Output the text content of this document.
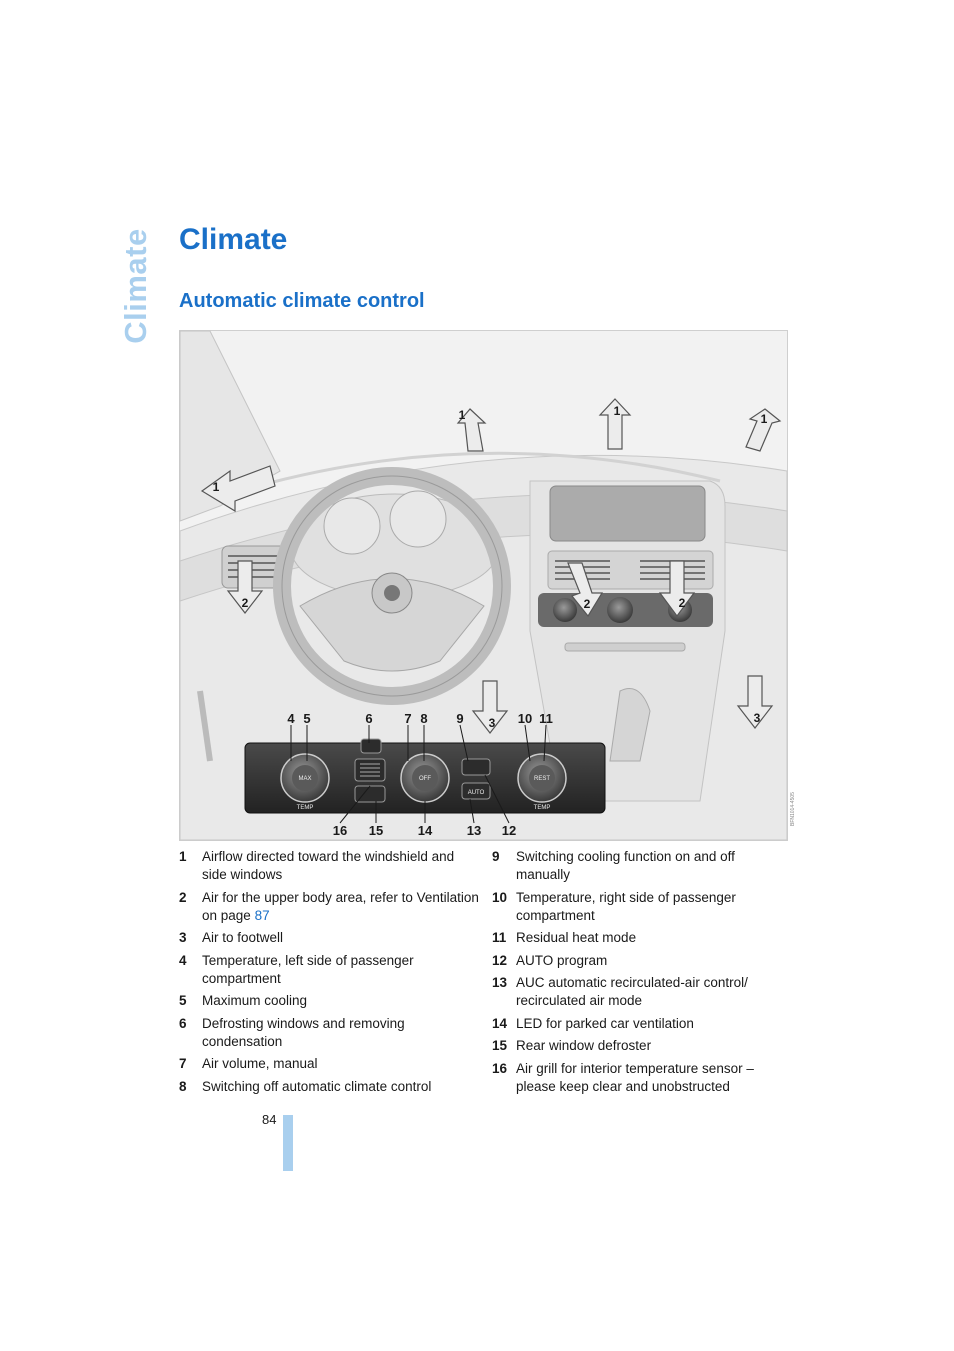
Climate Climate
Automatic climate control
1
1	1
1
2	2	2
3	3
MAX
TEMP
OFF
AUTO
REST
TEMP
4 5	6 7 8 9	10 11
16 15	14	13 12
BFN1014-4505
1	Airflow directed toward the windshield and side windows
2	Air for the upper body area, refer to Ventilation on page 87
3	Air to footwell
4	Temperature, left side of passenger compartment
5	Maximum cooling
6	Defrosting windows and removing condensation
7	Air volume, manual
8	Switching off automatic climate control
9	Switching cooling function on and off manually
10 Temperature, right side of passenger compartment
11 Residual heat mode
12 AUTO program
13 AUC automatic recirculated-air control/ recirculated air mode
14 LED for parked car ventilation
15 Rear window defroster
16 Air grill for interior temperature sensor – please keep clear and unobstructed
84
